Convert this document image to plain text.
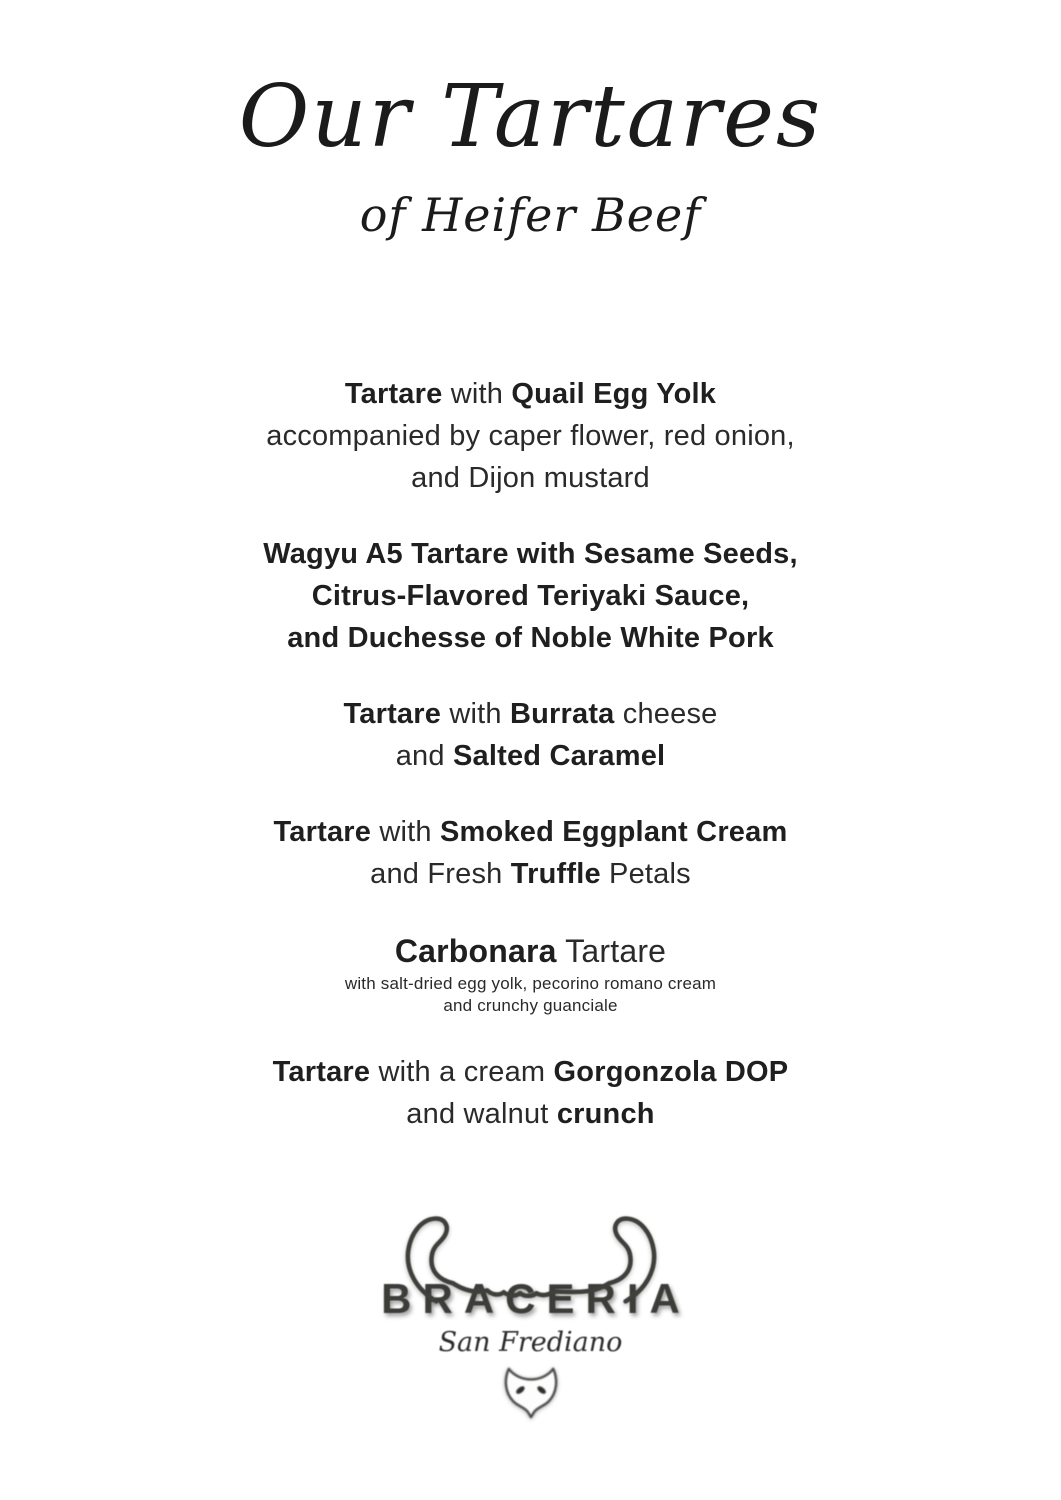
Our Tartares
of Heifer Beef

Tartare with Quail Egg Yolk

accompanied by caper flower, red onion,

and Dijon mustard

Wagyu A5 Tartare with Sesame Seeds,

Citrus-Flavored Teriyaki Sauce,

and Duchesse of Noble White Pork

Tartare with Burrata cheese

and Salted Caramel

Tartare with Smoked Eggplant Cream

and Fresh Truffle Petals

Carbonara Tartare

with salt-dried egg yolk, pecorino romano cream

and crunchy guanciale

Tartare with a cream Gorgonzola DOP

and walnut crunch

BRACERIA
San Frediano
